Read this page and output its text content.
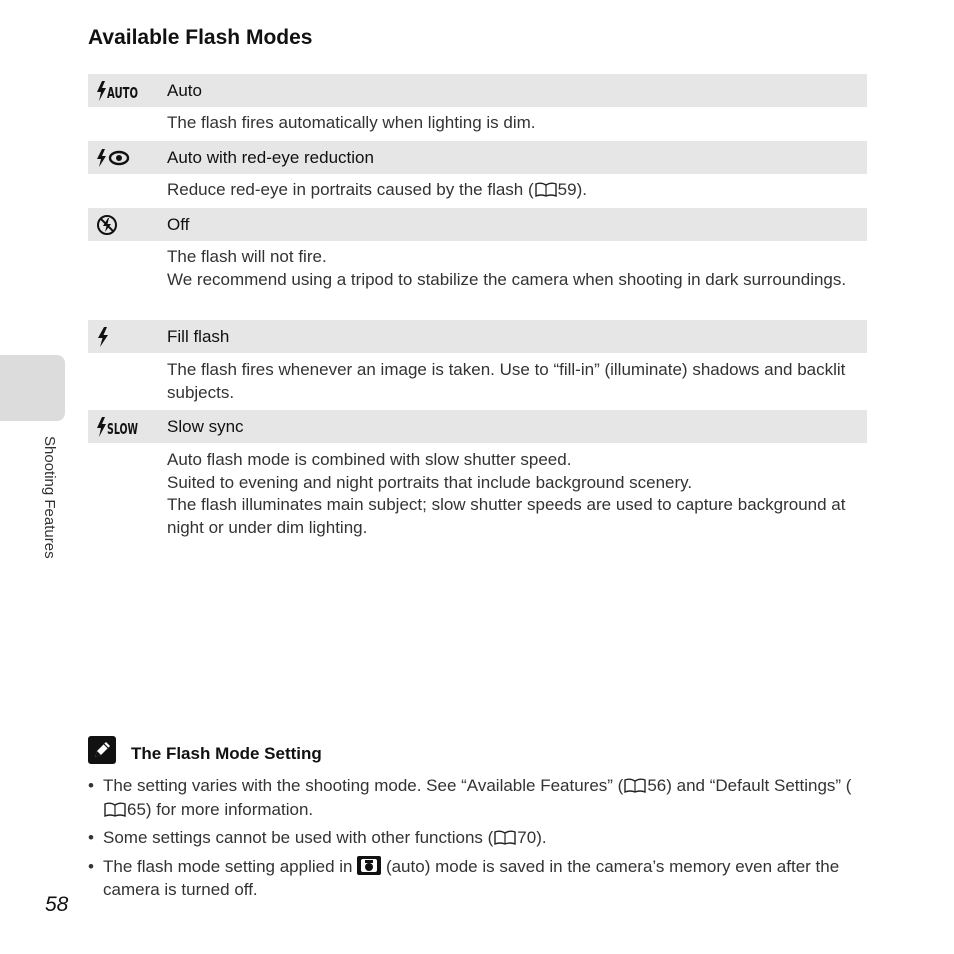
Shooting Features
Available Flash Modes
AUTO Auto

The flash fires automatically when lighting is dim.

Auto with red-eye reduction

Reduce red-eye in portraits caused by the flash ( 59).

Off

The flash will not fire.

We recommend using a tripod to stabilize the camera when shooting in dark surroundings.

Fill flash

The flash fires whenever an image is taken. Use to “fill-in” (illuminate) shadows and backlit subjects.

SLOW Slow sync

Auto flash mode is combined with slow shutter speed.

Suited to evening and night portraits that include background scenery.

The flash illuminates main subject; slow shutter speeds are used to capture background at night or under dim lighting.

The Flash Mode Setting
• The setting varies with the shooting mode. See “Available Features” ( 56) and “Default Settings” (65) for more information.
• Some settings cannot be used with other functions ( 70).
• The flash mode setting applied in  (auto) mode is saved in the camera’s memory even after the camera is turned off.
58
